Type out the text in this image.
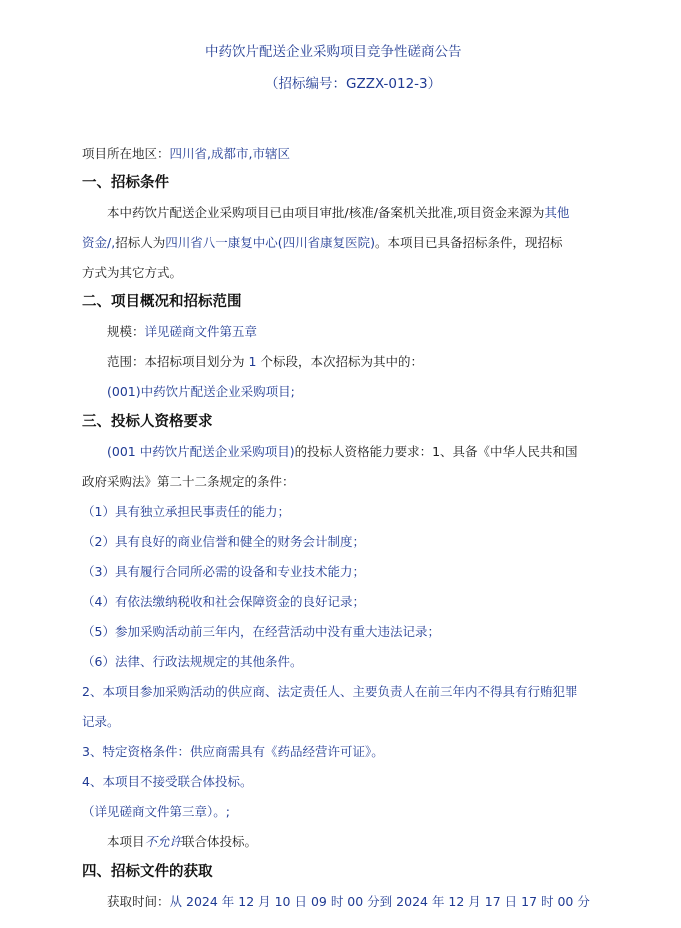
中药饮片配送企业采购项目竞争性磋商公告
（招标编号：GZZX-012-3）
项目所在地区：四川省,成都市,市辖区
一、招标条件
本中药饮片配送企业采购项目已由项目审批/核准/备案机关批准,项目资金来源为其他
资金/,招标人为四川省八一康复中心(四川省康复医院)。本项目已具备招标条件，现招标
方式为其它方式。
二、项目概况和招标范围
规模：详见磋商文件第五章
范围：本招标项目划分为 1 个标段，本次招标为其中的：
(001)中药饮片配送企业采购项目;
三、投标人资格要求
(001 中药饮片配送企业采购项目)的投标人资格能力要求：1、具备《中华人民共和国
政府采购法》第二十二条规定的条件：
（1）具有独立承担民事责任的能力；
（2）具有良好的商业信誉和健全的财务会计制度；
（3）具有履行合同所必需的设备和专业技术能力；
（4）有依法缴纳税收和社会保障资金的良好记录；
（5）参加采购活动前三年内，在经营活动中没有重大违法记录；
（6）法律、行政法规规定的其他条件。
2、本项目参加采购活动的供应商、法定责任人、主要负责人在前三年内不得具有行贿犯罪
记录。
3、特定资格条件：供应商需具有《药品经营许可证》。
4、本项目不接受联合体投标。
（详见磋商文件第三章）。;
本项目不允许联合体投标。
四、招标文件的获取
获取时间：从 2024 年 12 月 10 日 09 时 00 分到 2024 年 12 月 17 日 17 时 00 分
